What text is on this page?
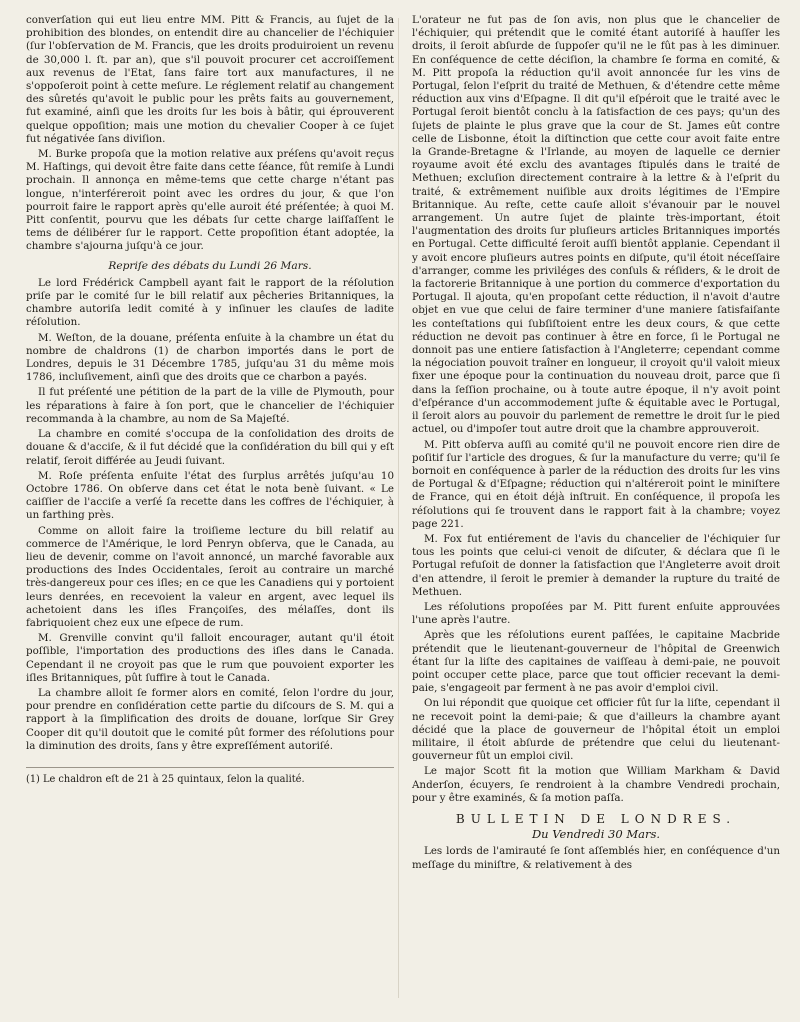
converſation qui eut lieu entre MM. Pitt & Francis, au ſujet de la prohibition des blondes, on entendit dire au chancelier de l'échiquier (ſur l'obſervation de M. Francis, que les droits produiroient un revenu de 30,000 l. ſt. par an), que s'il pouvoit procurer cet accroiſſement aux revenus de l'Etat, ſans faire tort aux manufactures, il ne s'oppoſeroit point à cette meſure. Le réglement relatif au changement des sûretés qu'avoit le public pour les prêts faits au gouvernement, fut examiné, ainſi que les droits ſur les bois à bâtir, qui éprouverent quelque oppoſition; mais une motion du chevalier Cooper à ce ſujet fut négativée ſans diviſion.

M. Burke propoſa que la motion relative aux préſens qu'avoit reçus M. Haſtings, qui devoit être faite dans cette ſéance, fût remiſe à Lundi prochain. Il annonça en même-tems que cette charge n'étant pas longue, n'interféreroit point avec les ordres du jour, & que l'on pourroit faire le rapport après qu'elle auroit été préſentée; à quoi M. Pitt conſentit, pourvu que les débats ſur cette charge laiſſaſſent le tems de délibérer ſur le rapport. Cette propoſition étant adoptée, la chambre s'ajourna juſqu'à ce jour.

Repriſe des débats du Lundi 26 Mars.

Le lord Frédérick Campbell ayant fait le rapport de la réſolution priſe par le comité ſur le bill relatif aux pêcheries Britanniques, la chambre autoriſa ledit comité à y inſinuer les clauſes de ladite réſolution.

M. Weſton, de la douane, préſenta enſuite à la chambre un état du nombre de chaldrons (1) de charbon importés dans le port de Londres, depuis le 31 Décembre 1785, juſqu'au 31 du même mois 1786, incluſivement, ainſi que des droits que ce charbon a payés.

Il fut préſenté une pétition de la part de la ville de Plymouth, pour les réparations à faire à ſon port, que le chancelier de l'échiquier recommanda à la chambre, au nom de Sa Majeſté.

La chambre en comité s'occupa de la conſolidation des droits de douane & d'acciſe, & il fut décidé que la conſidération du bill qui y eſt relatif, ſeroit différée au Jeudi ſuivant.

M. Roſe préſenta enſuite l'état des ſurplus arrêtés juſqu'au 10 Octobre 1786. On obſerve dans cet état le nota benè ſuivant. « Le caiſſier de l'acciſe a verſé ſa recette dans les coffres de l'échiquier, à un farthing près.

Comme on alloit faire la troiſieme lecture du bill relatif au commerce de l'Amérique, le lord Penryn obſerva, que le Canada, au lieu de devenir, comme on l'avoit annoncé, un marché favorable aux productions des Indes Occidentales, ſeroit au contraire un marché très-dangereux pour ces iſles; en ce que les Canadiens qui y portoient leurs denrées, en recevoient la valeur en argent, avec lequel ils achetoient dans les iſles Françoiſes, des mélaſſes, dont ils fabriquoient chez eux une eſpece de rum.

M. Grenville convint qu'il falloit encourager, autant qu'il étoit poſſible, l'importation des productions des iſles dans le Canada. Cependant il ne croyoit pas que le rum que pouvoient exporter les iſles Britanniques, pût ſuffire à tout le Canada.

La chambre alloit ſe former alors en comité, ſelon l'ordre du jour, pour prendre en conſidération cette partie du diſcours de S. M. qui a rapport à la ſimplification des droits de douane, lorſque Sir Grey Cooper dit qu'il doutoit que le comité pût former des réſolutions pour la diminution des droits, ſans y être expreſſément autoriſé.

(1) Le chaldron eſt de 21 à 25 quintaux, ſelon la qualité.

L'orateur ne fut pas de ſon avis, non plus que le chancelier de l'échiquier, qui prétendit que le comité étant autoriſé à hauſſer les droits, il ſeroit abſurde de ſuppoſer qu'il ne le fût pas à les diminuer. En conſéquence de cette déciſion, la chambre ſe forma en comité, & M. Pitt propoſa la réduction qu'il avoit annoncée ſur les vins de Portugal, ſelon l'eſprit du traité de Methuen, & d'étendre cette même réduction aux vins d'Eſpagne. Il dit qu'il eſpéroit que le traité avec le Portugal ſeroit bientôt conclu à la ſatisfaction de ces pays; qu'un des ſujets de plainte le plus grave que la cour de St. James eût contre celle de Lisbonne, étoit la diſtinction que cette cour avoit faite entre la Grande-Bretagne & l'Irlande, au moyen de laquelle ce dernier royaume avoit été exclu des avantages ſtipulés dans le traité de Methuen; excluſion directement contraire à la lettre & à l'eſprit du traité, & extrêmement nuiſible aux droits légitimes de l'Empire Britannique. Au reſte, cette cauſe alloit s'évanouir par le nouvel arrangement. Un autre ſujet de plainte très-important, étoit l'augmentation des droits ſur pluſieurs articles Britanniques importés en Portugal. Cette difficulté ſeroit auſſi bientôt applanie. Cependant il y avoit encore pluſieurs autres points en diſpute, qu'il étoit néceſſaire d'arranger, comme les priviléges des conſuls & réſiders, & le droit de la factorerie Britannique à une portion du commerce d'exportation du Portugal. Il ajouta, qu'en propoſant cette réduction, il n'avoit d'autre objet en vue que celui de faire terminer d'une maniere ſatisfaiſante les conteſtations qui ſubſiſtoient entre les deux cours, & que cette réduction ne devoit pas continuer à être en force, ſi le Portugal ne donnoit pas une entiere ſatisfaction à l'Angleterre; cependant comme la négociation pouvoit traîner en longueur, il croyoit qu'il valoit mieux fixer une époque pour la continuation du nouveau droit, parce que ſi dans la ſeſſion prochaine, ou à toute autre époque, il n'y avoit point d'eſpérance d'un accommodement juſte & équitable avec le Portugal, il ſeroit alors au pouvoir du parlement de remettre le droit ſur le pied actuel, ou d'impoſer tout autre droit que la chambre approuveroit.

M. Pitt obſerva auſſi au comité qu'il ne pouvoit encore rien dire de poſitif ſur l'article des drogues, & ſur la manufacture du verre; qu'il ſe bornoit en conſéquence à parler de la réduction des droits ſur les vins de Portugal & d'Eſpagne; réduction qui n'altéreroit point le miniſtere de France, qui en étoit déjà inſtruit. En conſéquence, il propoſa les réſolutions qui ſe trouvent dans le rapport fait à la chambre; voyez page 221.

M. Fox fut entiérement de l'avis du chancelier de l'échiquier ſur tous les points que celui-ci venoit de diſcuter, & déclara que ſi le Portugal refuſoit de donner la ſatisfaction que l'Angleterre avoit droit d'en attendre, il ſeroit le premier à demander la rupture du traité de Methuen.

Les réſolutions propoſées par M. Pitt furent enſuite approuvées l'une après l'autre.

Après que les réſolutions eurent paſſées, le capitaine Macbride prétendit que le lieutenant-gouverneur de l'hôpital de Greenwich étant ſur la liſte des capitaines de vaiſſeau à demi-paie, ne pouvoit point occuper cette place, parce que tout officier recevant la demi-paie, s'engageoit par ferment à ne pas avoir d'emploi civil.

On lui répondit que quoique cet officier fût ſur la liſte, cependant il ne recevoit point la demi-paie; & que d'ailleurs la chambre ayant décidé que la place de gouverneur de l'hôpital étoit un emploi militaire, il étoit abſurde de prétendre que celui du lieutenant-gouverneur fût un emploi civil.

Le major Scott fit la motion que William Markham & David Anderſon, écuyers, ſe rendroient à la chambre Vendredi prochain, pour y être examinés, & ſa motion paſſa.

BULLETIN DE LONDRES.
Du Vendredi 30 Mars.

Les lords de l'amirauté ſe ſont aſſemblés hier, en conſéquence d'un meſſage du miniſtre, & relativement à des
